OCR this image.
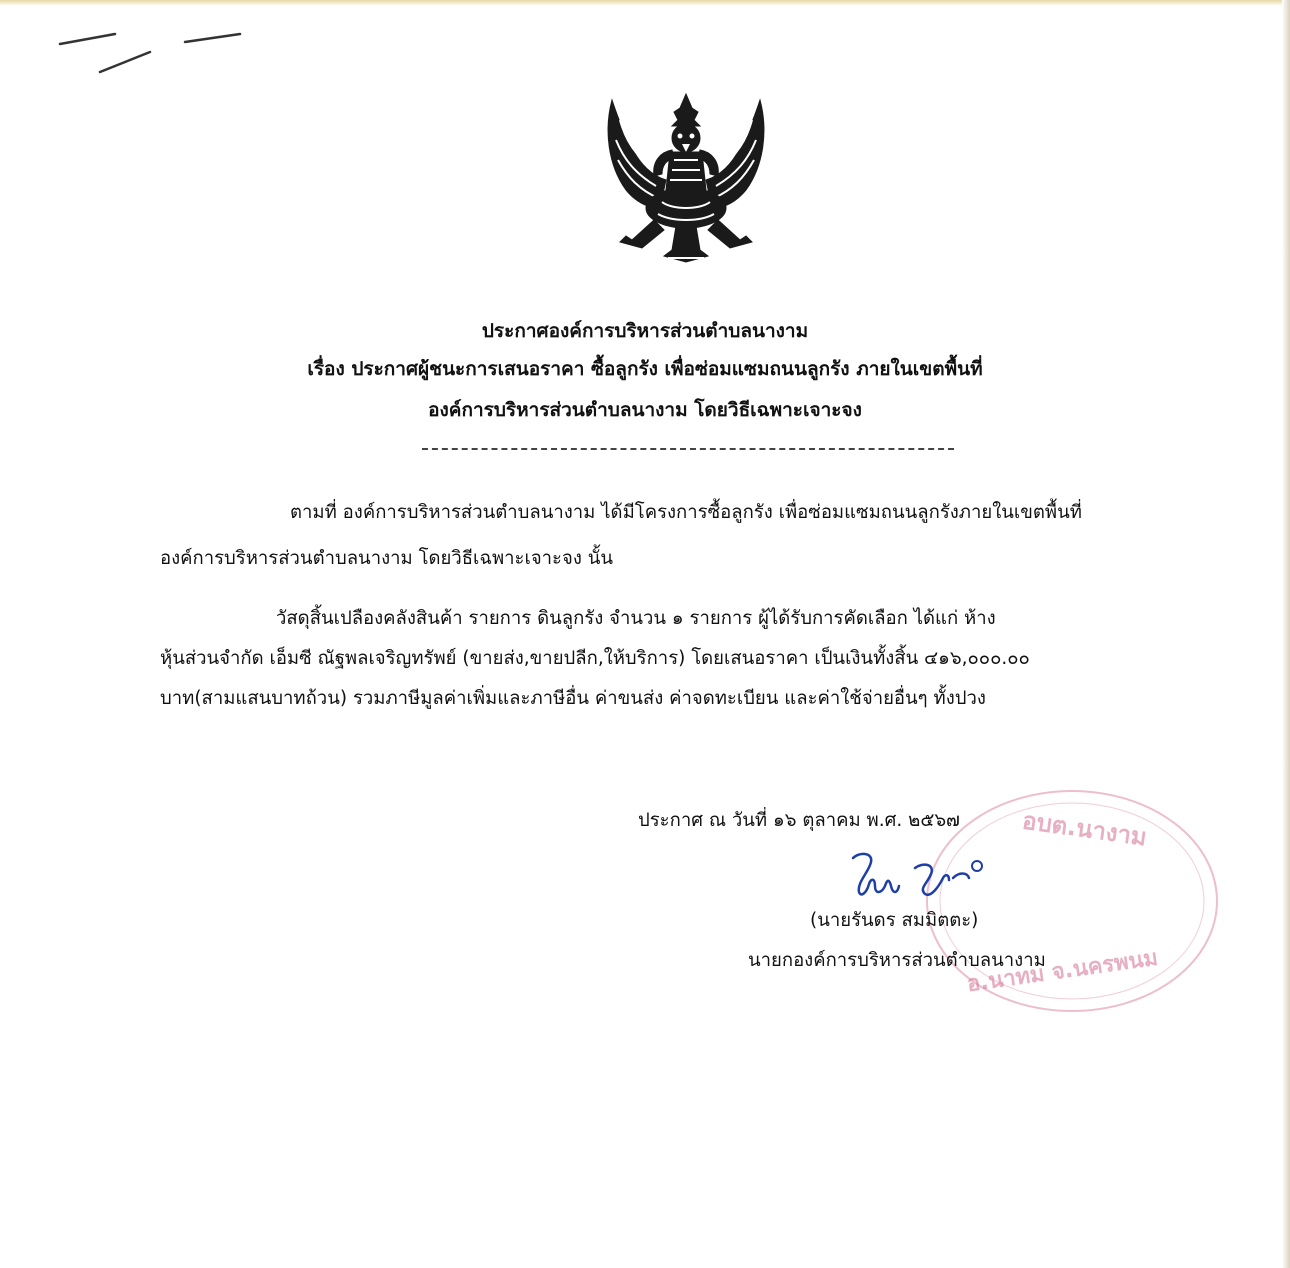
ประกาศองค์การบริหารส่วนตำบลนางาม
เรื่อง ประกาศผู้ชนะการเสนอราคา ซื้อลูกรัง เพื่อซ่อมแซมถนนลูกรัง ภายในเขตพื้นที่
องค์การบริหารส่วนตำบลนางาม โดยวิธีเฉพาะเจาะจง
ตามที่ องค์การบริหารส่วนตำบลนางาม ได้มีโครงการซื้อลูกรัง เพื่อซ่อมแซมถนนลูกรังภายในเขตพื้นที่
องค์การบริหารส่วนตำบลนางาม โดยวิธีเฉพาะเจาะจง นั้น
วัสดุสิ้นเปลืองคลังสินค้า รายการ ดินลูกรัง จำนวน ๑ รายการ ผู้ได้รับการคัดเลือก ได้แก่ ห้าง
หุ้นส่วนจำกัด เอ็มซี ณัฐพลเจริญทรัพย์ (ขายส่ง,ขายปลีก,ให้บริการ) โดยเสนอราคา เป็นเงินทั้งสิ้น ๔๑๖,๐๐๐.๐๐
บาท(สามแสนบาทถ้วน) รวมภาษีมูลค่าเพิ่มและภาษีอื่น ค่าขนส่ง ค่าจดทะเบียน และค่าใช้จ่ายอื่นๆ ทั้งปวง
อบต.นางาม
อ.นาทม จ.นครพนม
ประกาศ ณ วันที่ ๑๖ ตุลาคม พ.ศ. ๒๕๖๗
(นายรันดร สมมิตตะ)
นายกองค์การบริหารส่วนตำบลนางาม
